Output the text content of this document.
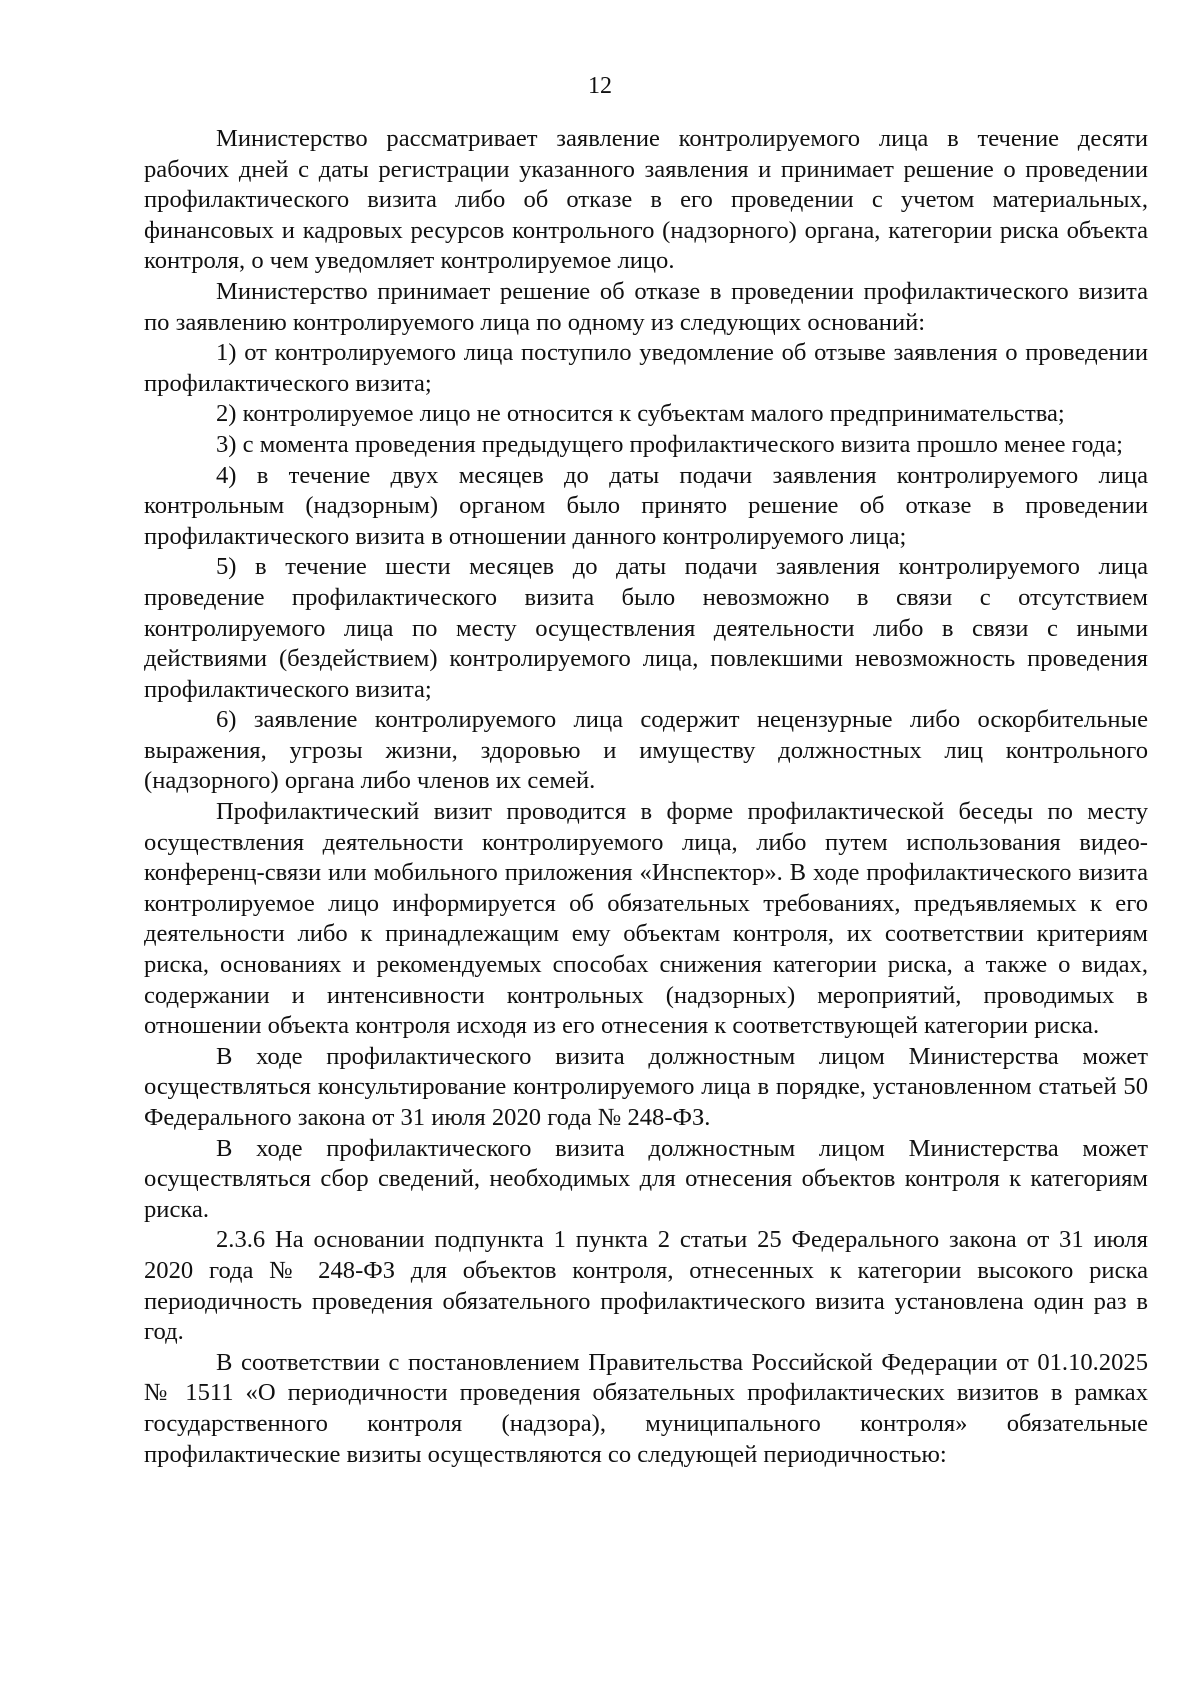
12

Министерство рассматривает заявление контролируемого лица в течение десяти рабочих дней с даты регистрации указанного заявления и принимает решение о проведении профилактического визита либо об отказе в его проведении с учетом материальных, финансовых и кадровых ресурсов контрольного (надзорного) органа, категории риска объекта контроля, о чем уведомляет контролируемое лицо.

Министерство принимает решение об отказе в проведении профилактического визита по заявлению контролируемого лица по одному из следующих оснований:

1) от контролируемого лица поступило уведомление об отзыве заявления о проведении профилактического визита;

2) контролируемое лицо не относится к субъектам малого предпринимательства;

3) с момента проведения предыдущего профилактического визита прошло менее года;

4) в течение двух месяцев до даты подачи заявления контролируемого лица контрольным (надзорным) органом было принято решение об отказе в проведении профилактического визита в отношении данного контролируемого лица;

5) в течение шести месяцев до даты подачи заявления контролируемого лица проведение профилактического визита было невозможно в связи с отсутствием контролируемого лица по месту осуществления деятельности либо в связи с иными действиями (бездействием) контролируемого лица, повлекшими невозможность проведения профилактического визита;

6) заявление контролируемого лица содержит нецензурные либо оскорбительные выражения, угрозы жизни, здоровью и имуществу должностных лиц контрольного (надзорного) органа либо членов их семей.

Профилактический визит проводится в форме профилактической беседы по месту осуществления деятельности контролируемого лица, либо путем использования видео-конференц-связи или мобильного приложения «Инспектор». В ходе профилактического визита контролируемое лицо информируется об обязательных требованиях, предъявляемых к его деятельности либо к принадлежащим ему объектам контроля, их соответствии критериям риска, основаниях и рекомендуемых способах снижения категории риска, а также о видах, содержании и интенсивности контрольных (надзорных) мероприятий, проводимых в отношении объекта контроля исходя из его отнесения к соответствующей категории риска.

В ходе профилактического визита должностным лицом Министерства может осуществляться консультирование контролируемого лица в порядке, установленном статьей 50 Федерального закона от 31 июля 2020 года № 248-ФЗ.

В ходе профилактического визита должностным лицом Министерства может осуществляться сбор сведений, необходимых для отнесения объектов контроля к категориям риска.

2.3.6 На основании подпункта 1 пункта 2 статьи 25 Федерального закона от 31 июля 2020 года № 248-ФЗ для объектов контроля, отнесенных к категории высокого риска периодичность проведения обязательного профилактического визита установлена один раз в год.

В соответствии с постановлением Правительства Российской Федерации от 01.10.2025 № 1511 «О периодичности проведения обязательных профилактических визитов в рамках государственного контроля (надзора), муниципального контроля» обязательные профилактические визиты осуществляются со следующей периодичностью:
